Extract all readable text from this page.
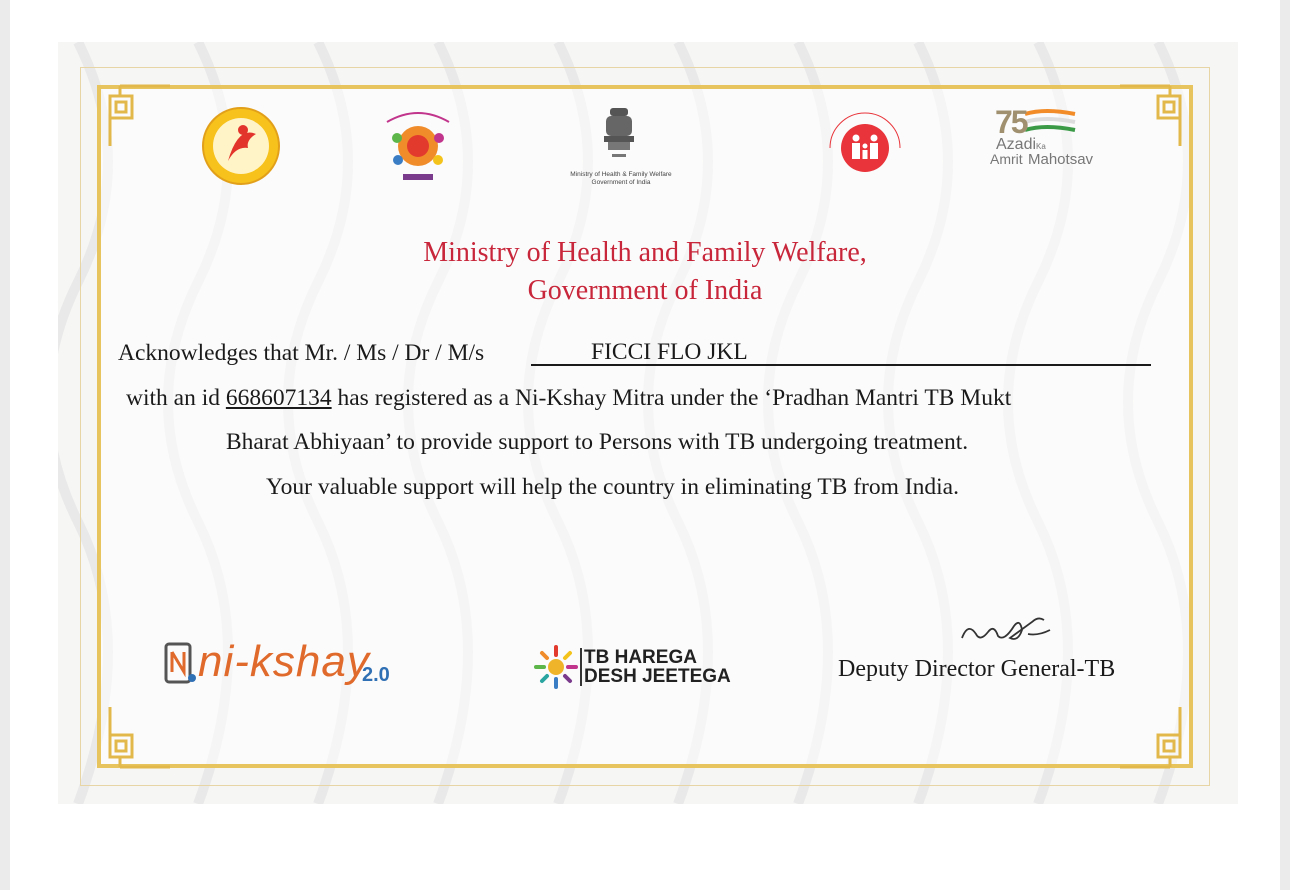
Ministry of Health & Family Welfare
Government of India
75
Azadi Ka
Amrit Mahotsav
Ministry of Health and Family Welfare,
Government of India
Acknowledges that Mr. / Ms / Dr / M/s	FICCI FLO JKL
with an id 668607134 has registered as a Ni-Kshay Mitra under the ‘Pradhan Mantri TB Mukt
Bharat Abhiyaan’ to provide support to Persons with TB undergoing treatment.
Your valuable support will help the country in eliminating TB from India.
ni-kshay
2.0
TB HAREGA
DESH JEETEGA	Deputy Director General-TB
